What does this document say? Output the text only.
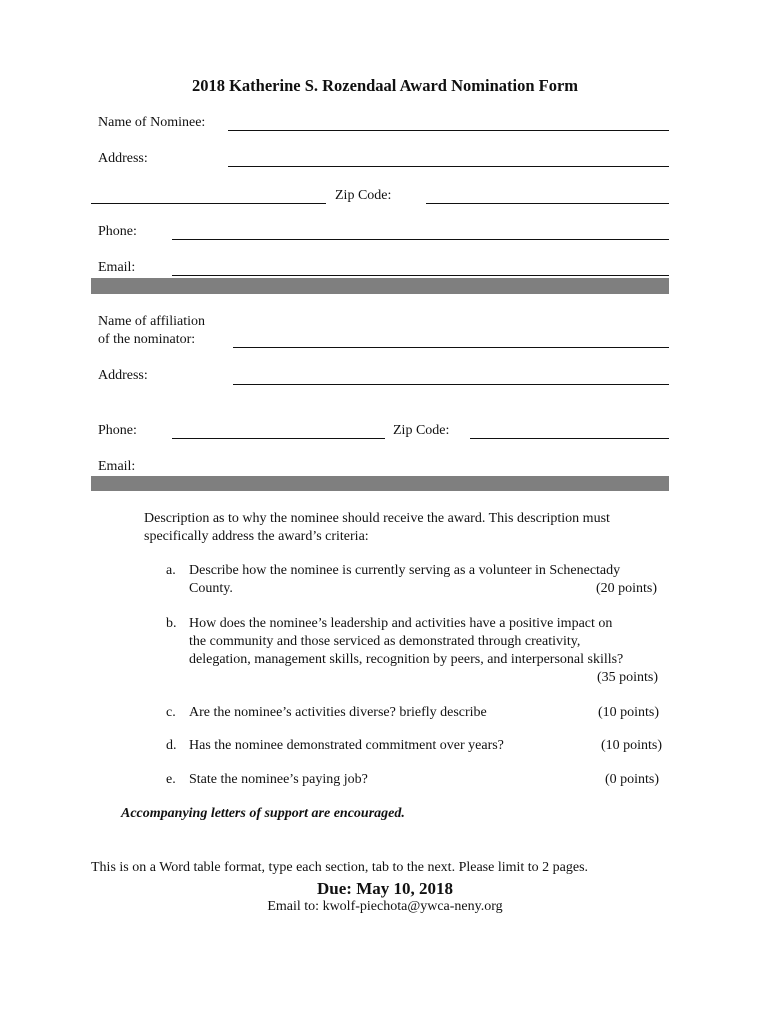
2018 Katherine S. Rozendaal Award Nomination Form
Name of Nominee:
Address:
Zip Code:
Phone:
Email:
Name of affiliation
of the nominator:
Address:
Phone:	Zip Code:
Email:
Description as to why the nominee should receive the award. This description must
specifically address the award’s criteria:
a. Describe how the nominee is currently serving as a volunteer in Schenectady
County.	(20 points)
b. How does the nominee’s leadership and activities have a positive impact on
the community and those serviced as demonstrated through creativity,
delegation, management skills, recognition by peers, and interpersonal skills?
(35 points)
c. Are the nominee’s activities diverse? briefly describe	(10 points)
d. Has the nominee demonstrated commitment over years?	(10 points)
e. State the nominee’s paying job?	(0 points)
Accompanying letters of support are encouraged.
This is on a Word table format, type each section, tab to the next. Please limit to 2 pages.
Due: May 10, 2018
Email to: kwolf-piechota@ywca-neny.org
